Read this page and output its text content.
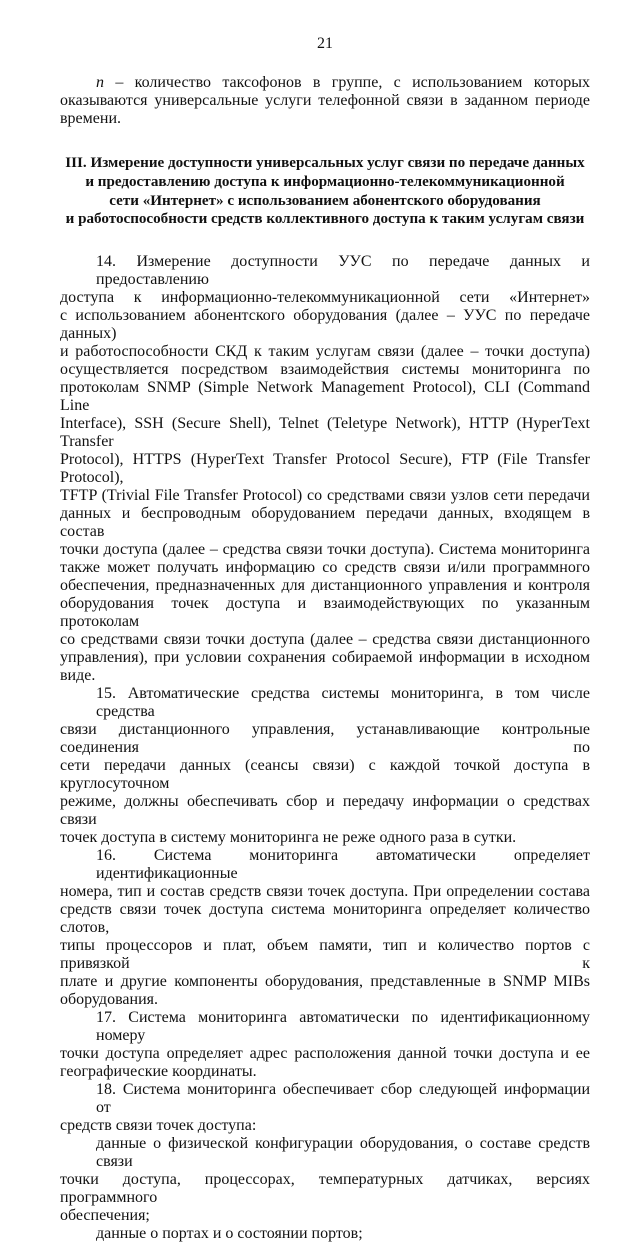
21
n – количество таксофонов в группе, с использованием которых
оказываются универсальные услуги телефонной связи в заданном периоде
времени.
III. Измерение доступности универсальных услуг связи по передаче данных
и предоставлению доступа к информационно-телекоммуникационной
сети «Интернет» с использованием абонентского оборудования
и работоспособности средств коллективного доступа к таким услугам связи
14. Измерение доступности УУС по передаче данных и предоставлению
доступа к информационно-телекоммуникационной сети «Интернет»
с использованием абонентского оборудования (далее – УУС по передаче данных)
и работоспособности СКД к таким услугам связи (далее – точки доступа)
осуществляется посредством взаимодействия системы мониторинга по
протоколам SNMP (Simple Network Management Protocol), CLI (Command Line
Interface), SSH (Secure Shell), Telnet (Teletype Network), HTTP (HyperText Transfer
Protocol), HTTPS (HyperText Transfer Protocol Secure), FTP (File Transfer Protocol),
TFTP (Trivial File Transfer Protocol) со средствами связи узлов сети передачи
данных и беспроводным оборудованием передачи данных, входящем в состав
точки доступа (далее – средства связи точки доступа). Система мониторинга
также может получать информацию со средств связи и/или программного
обеспечения, предназначенных для дистанционного управления и контроля
оборудования точек доступа и взаимодействующих по указанным протоколам
со средствами связи точки доступа (далее – средства связи дистанционного
управления), при условии сохранения собираемой информации в исходном виде.
15. Автоматические средства системы мониторинга, в том числе средства
связи дистанционного управления, устанавливающие контрольные соединения по
сети передачи данных (сеансы связи) с каждой точкой доступа в круглосуточном
режиме, должны обеспечивать сбор и передачу информации о средствах связи
точек доступа в систему мониторинга не реже одного раза в сутки.
16. Система мониторинга автоматически определяет идентификационные
номера, тип и состав средств связи точек доступа. При определении состава
средств связи точек доступа система мониторинга определяет количество слотов,
типы процессоров и плат, объем памяти, тип и количество портов с привязкой к
плате и другие компоненты оборудования, представленные в SNMP MIBs
оборудования.
17. Система мониторинга автоматически по идентификационному номеру
точки доступа определяет адрес расположения данной точки доступа и ее
географические координаты.
18. Система мониторинга обеспечивает сбор следующей информации от
средств связи точек доступа:
данные о физической конфигурации оборудования, о составе средств связи
точки доступа, процессорах, температурных датчиках, версиях программного
обеспечения;
данные о портах и о состоянии портов;
